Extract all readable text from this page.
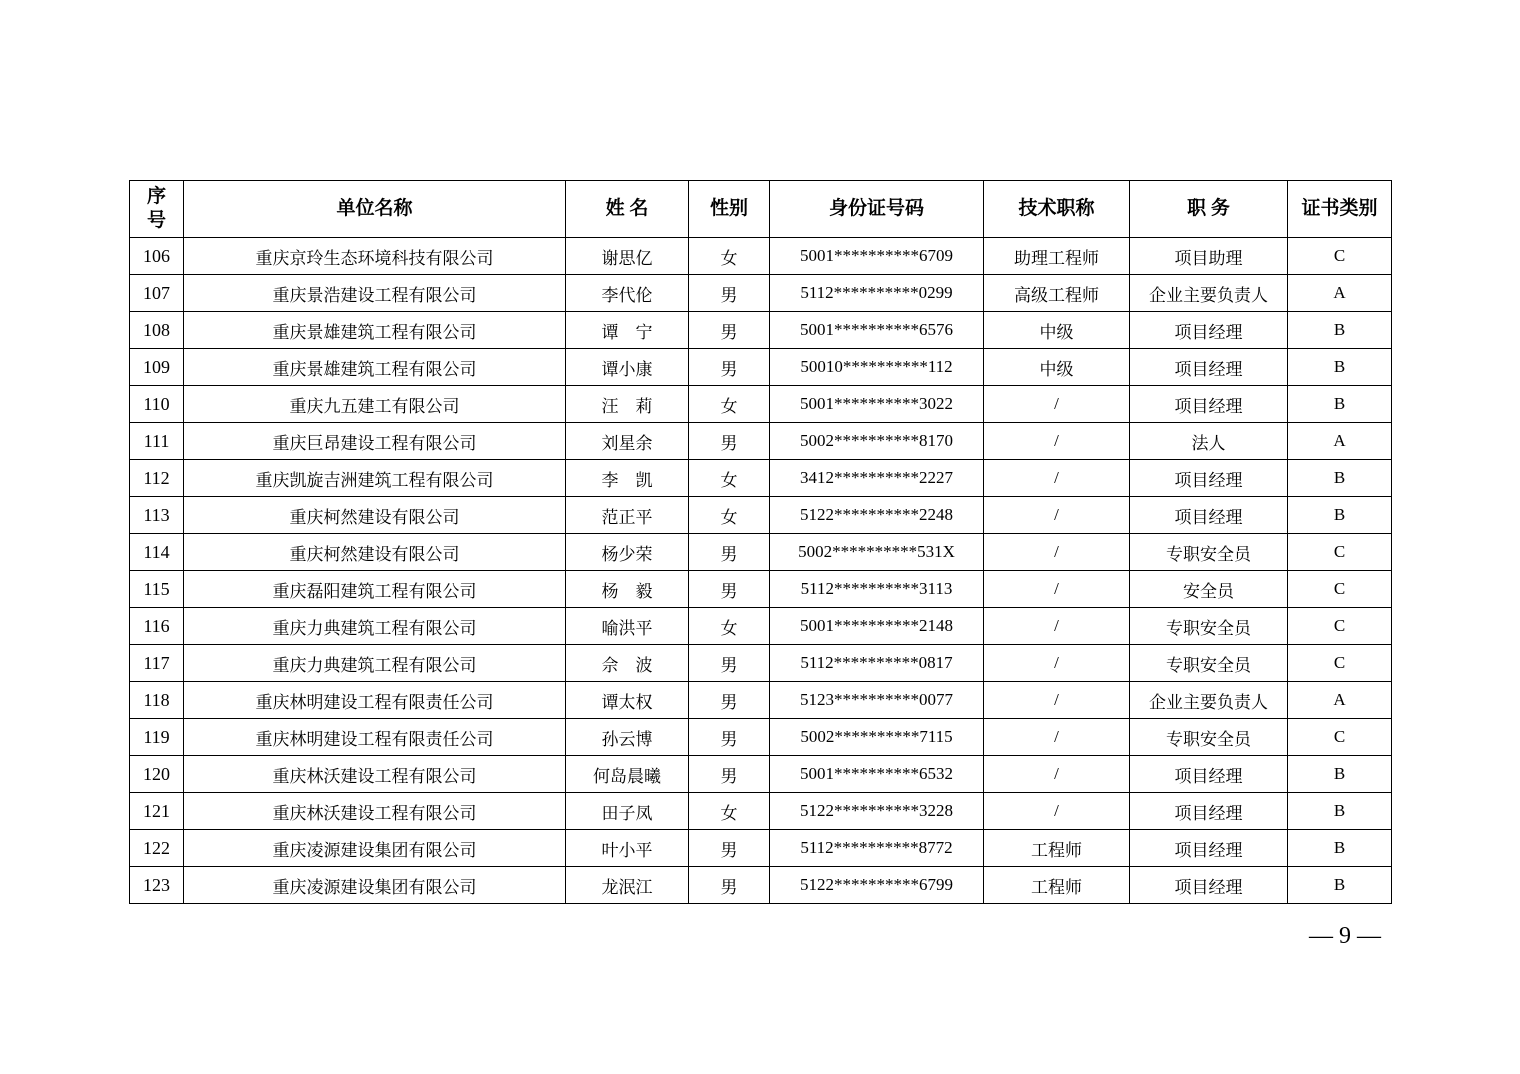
序
号	单位名称	姓 名	性别	身份证号码	技术职称	职 务	证书类别
106	重庆京玲生态环境科技有限公司	谢思亿	女	5001**********6709	助理工程师	项目助理	C
107	重庆景浩建设工程有限公司	李代伦	男	5112**********0299	高级工程师	企业主要负责人	A
108	重庆景雄建筑工程有限公司	谭　宁	男	5001**********6576	中级	项目经理	B
109	重庆景雄建筑工程有限公司	谭小康	男	50010**********112	中级	项目经理	B
110	重庆九五建工有限公司	汪　莉	女	5001**********3022	/	项目经理	B
111	重庆巨昂建设工程有限公司	刘星余	男	5002**********8170	/	法人	A
112	重庆凯旋吉洲建筑工程有限公司	李　凯	女	3412**********2227	/	项目经理	B
113	重庆柯然建设有限公司	范正平	女	5122**********2248	/	项目经理	B
114	重庆柯然建设有限公司	杨少荣	男	5002**********531X	/	专职安全员	C
115	重庆磊阳建筑工程有限公司	杨　毅	男	5112**********3113	/	安全员	C
116	重庆力典建筑工程有限公司	喻洪平	女	5001**********2148	/	专职安全员	C
117	重庆力典建筑工程有限公司	佘　波	男	5112**********0817	/	专职安全员	C
118	重庆林明建设工程有限责任公司	谭太权	男	5123**********0077	/	企业主要负责人	A
119	重庆林明建设工程有限责任公司	孙云博	男	5002**********7115	/	专职安全员	C
120	重庆林沃建设工程有限公司	何岛晨曦	男	5001**********6532	/	项目经理	B
121	重庆林沃建设工程有限公司	田子凤	女	5122**********3228	/	项目经理	B
122	重庆凌源建设集团有限公司	叶小平	男	5112**********8772	工程师	项目经理	B
123	重庆凌源建设集团有限公司	龙泯江	男	5122**********6799	工程师	项目经理	B
— 9 —
